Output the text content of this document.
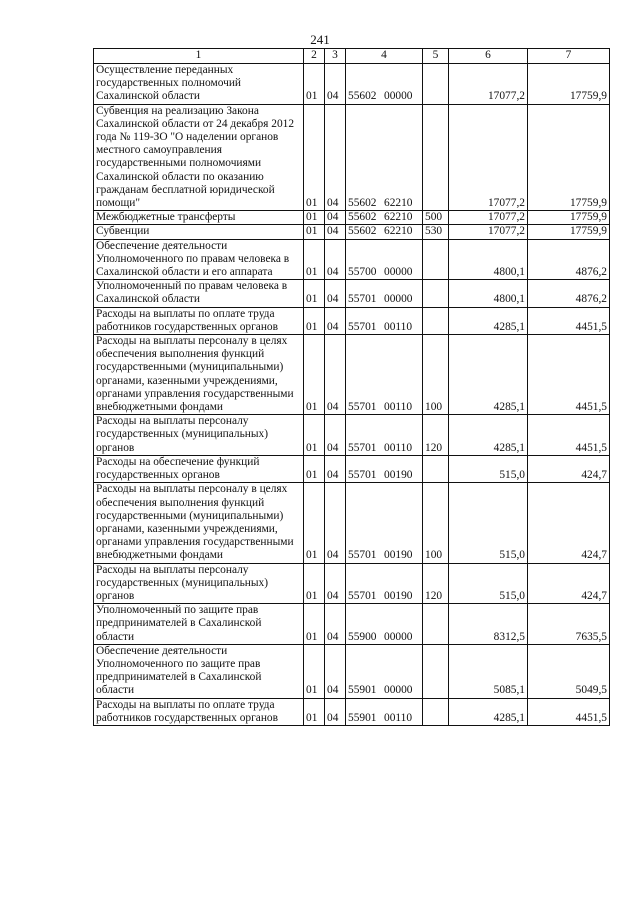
241
1	2	3	4	5	6	7
Осуществление переданных государственных полномочий Сахалинской области	01	04	55602 00000		17077,2	17759,9
Субвенция на реализацию Закона Сахалинской области от 24 декабря 2012 года № 119-ЗО "О наделении органов местного самоуправления государственными полномочиями Сахалинской области по оказанию гражданам бесплатной юридической помощи"	01	04	55602 62210		17077,2	17759,9
Межбюджетные трансферты	01	04	55602 62210	500	17077,2	17759,9
Субвенции	01	04	55602 62210	530	17077,2	17759,9
Обеспечение деятельности Уполномоченного по правам человека в Сахалинской области и его аппарата	01	04	55700 00000		4800,1	4876,2
Уполномоченный по правам человека в Сахалинской области	01	04	55701 00000		4800,1	4876,2
Расходы на выплаты по оплате труда работников государственных органов	01	04	55701 00110		4285,1	4451,5
Расходы на выплаты персоналу в целях обеспечения выполнения функций государственными (муниципальными) органами, казенными учреждениями, органами управления государственными внебюджетными фондами	01	04	55701 00110	100	4285,1	4451,5
Расходы на выплаты персоналу государственных (муниципальных) органов	01	04	55701 00110	120	4285,1	4451,5
Расходы на обеспечение функций государственных органов	01	04	55701 00190		515,0	424,7
Расходы на выплаты персоналу в целях обеспечения выполнения функций государственными (муниципальными) органами, казенными учреждениями, органами управления государственными внебюджетными фондами	01	04	55701 00190	100	515,0	424,7
Расходы на выплаты персоналу государственных (муниципальных) органов	01	04	55701 00190	120	515,0	424,7
Уполномоченный по защите прав предпринимателей в Сахалинской области	01	04	55900 00000		8312,5	7635,5
Обеспечение деятельности Уполномоченного по защите прав предпринимателей в Сахалинской области	01	04	55901 00000		5085,1	5049,5
Расходы на выплаты по оплате труда работников государственных органов	01	04	55901 00110		4285,1	4451,5
